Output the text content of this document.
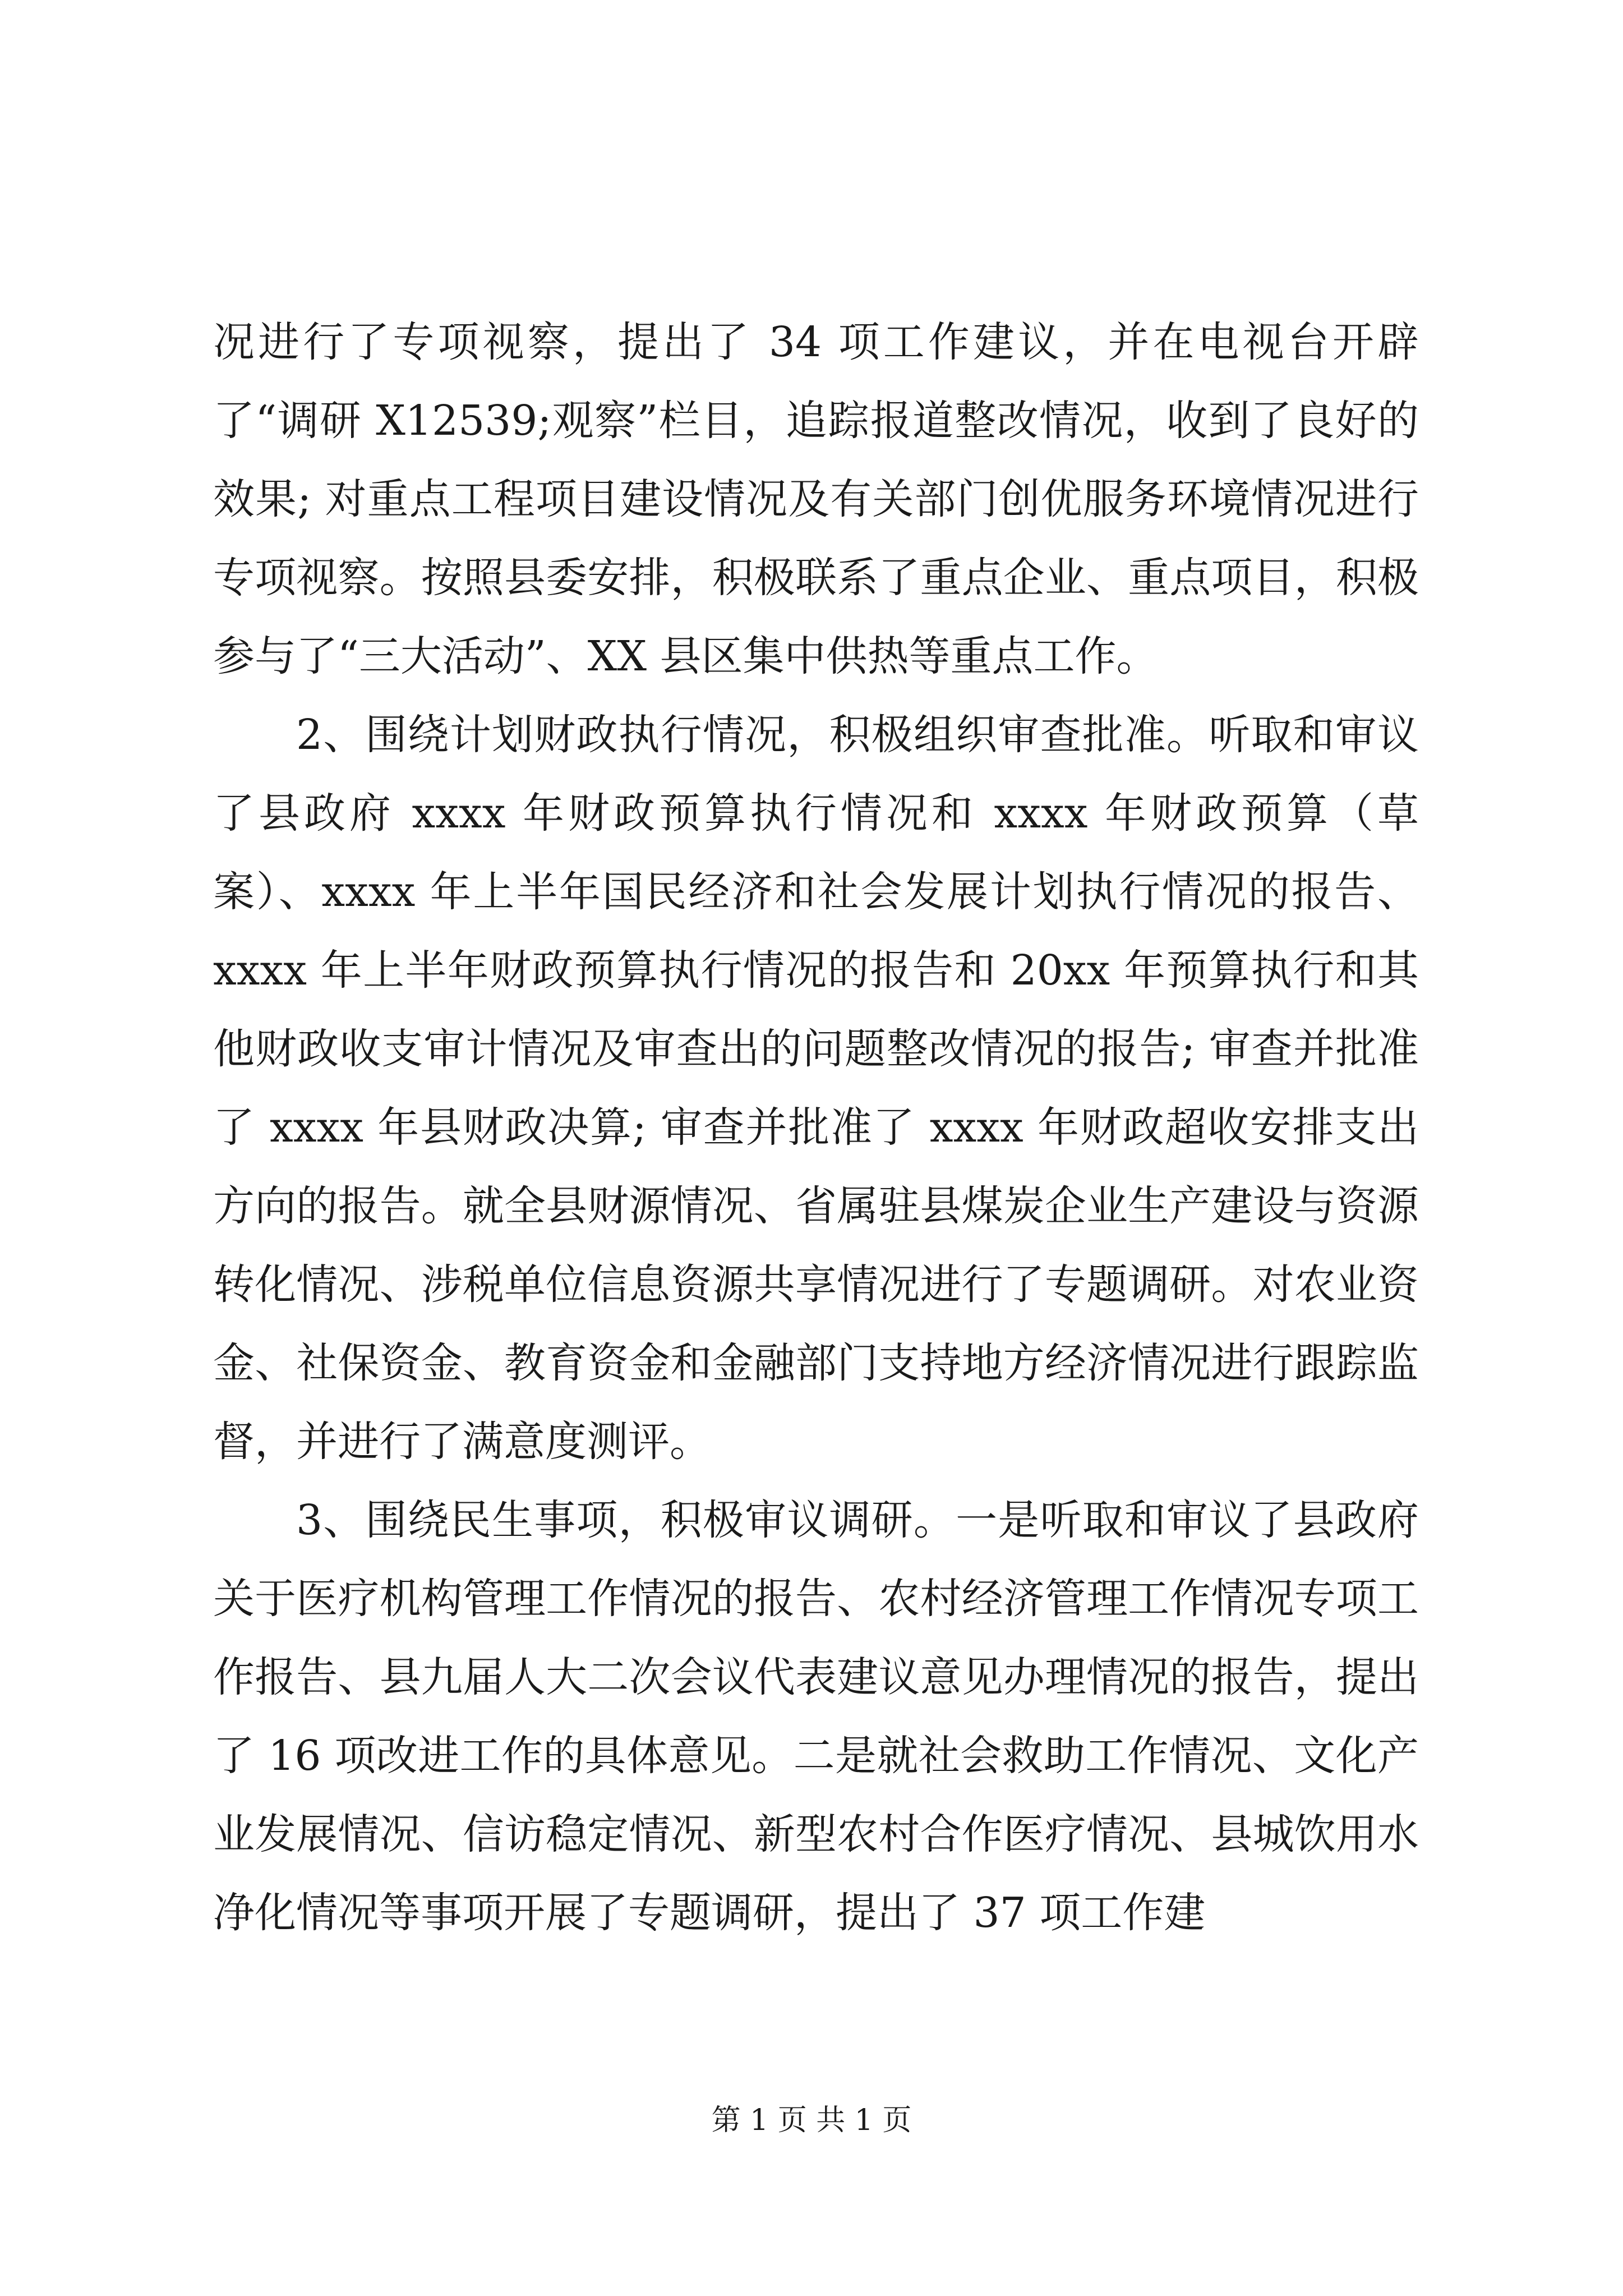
况进行了专项视察，提出了 34 项工作建议，并在电视台开辟了“调研 X12539;观察”栏目，追踪报道整改情况，收到了良好的效果; 对重点工程项目建设情况及有关部门创优服务环境情况进行专项视察。按照县委安排，积极联系了重点企业、重点项目，积极参与了“三大活动”、XX 县区集中供热等重点工作。

2、围绕计划财政执行情况，积极组织审查批准。听取和审议了县政府 xxxx 年财政预算执行情况和 xxxx 年财政预算（草案）、xxxx 年上半年国民经济和社会发展计划执行情况的报告、xxxx 年上半年财政预算执行情况的报告和 20xx 年预算执行和其他财政收支审计情况及审查出的问题整改情况的报告; 审查并批准了 xxxx 年县财政决算; 审查并批准了 xxxx 年财政超收安排支出方向的报告。就全县财源情况、省属驻县煤炭企业生产建设与资源转化情况、涉税单位信息资源共享情况进行了专题调研。对农业资金、社保资金、教育资金和金融部门支持地方经济情况进行跟踪监督，并进行了满意度测评。

3、围绕民生事项，积极审议调研。一是听取和审议了县政府关于医疗机构管理工作情况的报告、农村经济管理工作情况专项工作报告、县九届人大二次会议代表建议意见办理情况的报告，提出了 16 项改进工作的具体意见。二是就社会救助工作情况、文化产业发展情况、信访稳定情况、新型农村合作医疗情况、县城饮用水净化情况等事项开展了专题调研，提出了 37 项工作建

第 1 页 共 1 页
